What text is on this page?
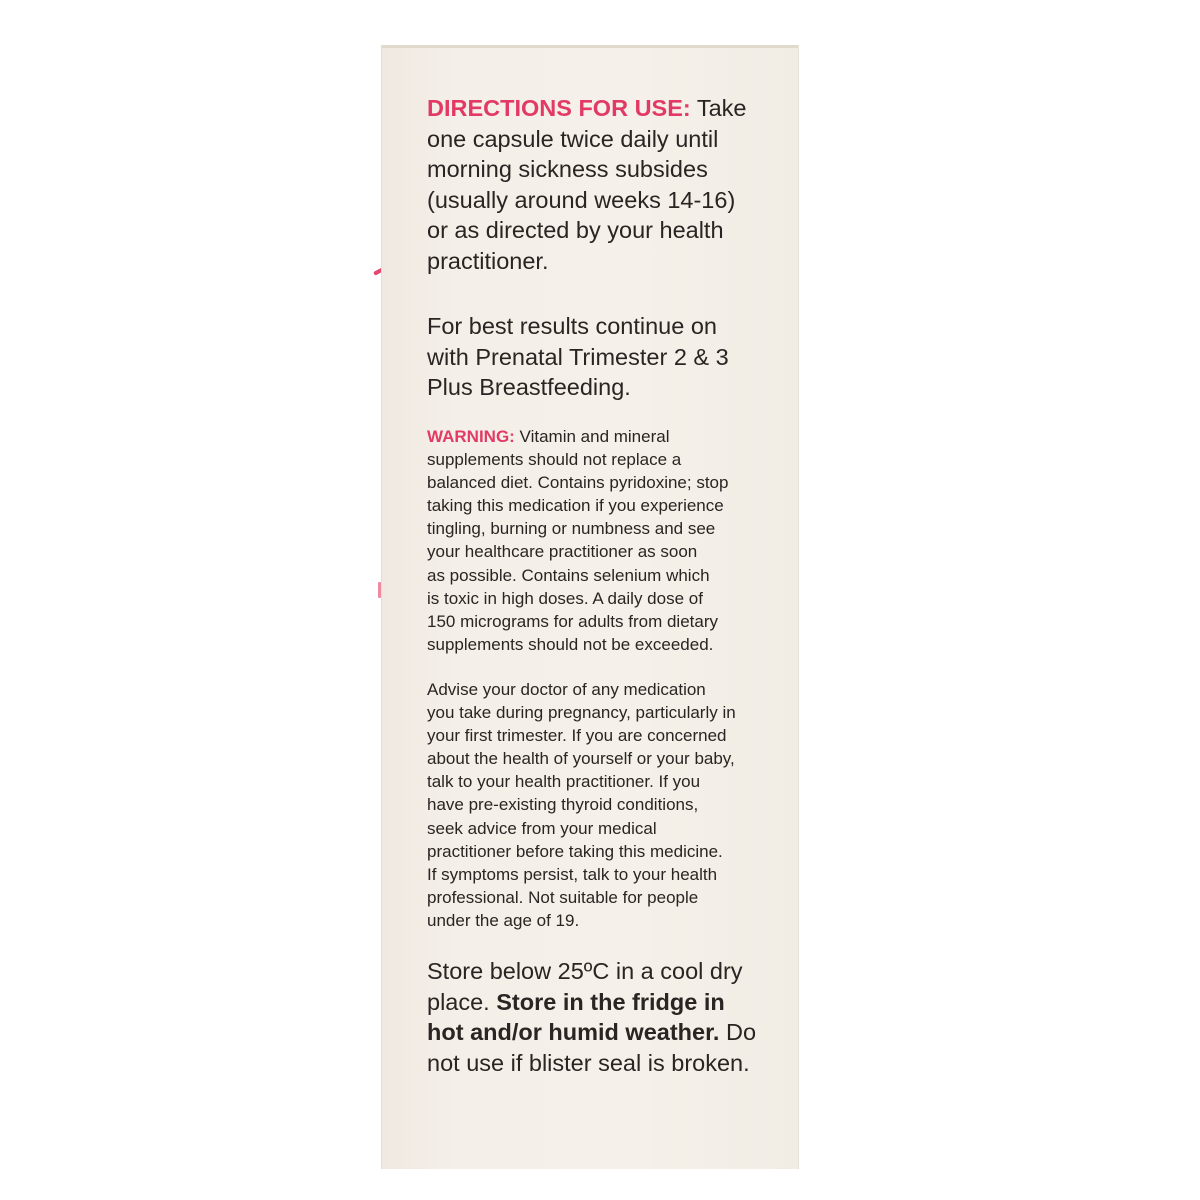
DIRECTIONS FOR USE: Take
one capsule twice daily until
morning sickness subsides
(usually around weeks 14-16)
or as directed by your health
practitioner.

For best results continue on
with Prenatal Trimester 2 & 3
Plus Breastfeeding.

WARNING: Vitamin and mineral
supplements should not replace a
balanced diet. Contains pyridoxine; stop
taking this medication if you experience
tingling, burning or numbness and see
your healthcare practitioner as soon
as possible. Contains selenium which
is toxic in high doses. A daily dose of
150 micrograms for adults from dietary
supplements should not be exceeded.

Advise your doctor of any medication
you take during pregnancy, particularly in
your first trimester. If you are concerned
about the health of yourself or your baby,
talk to your health practitioner. If you
have pre-existing thyroid conditions,
seek advice from your medical
practitioner before taking this medicine.
If symptoms persist, talk to your health
professional. Not suitable for people
under the age of 19.

Store below 25ºC in a cool dry
place. Store in the fridge in
hot and/or humid weather. Do
not use if blister seal is broken.
